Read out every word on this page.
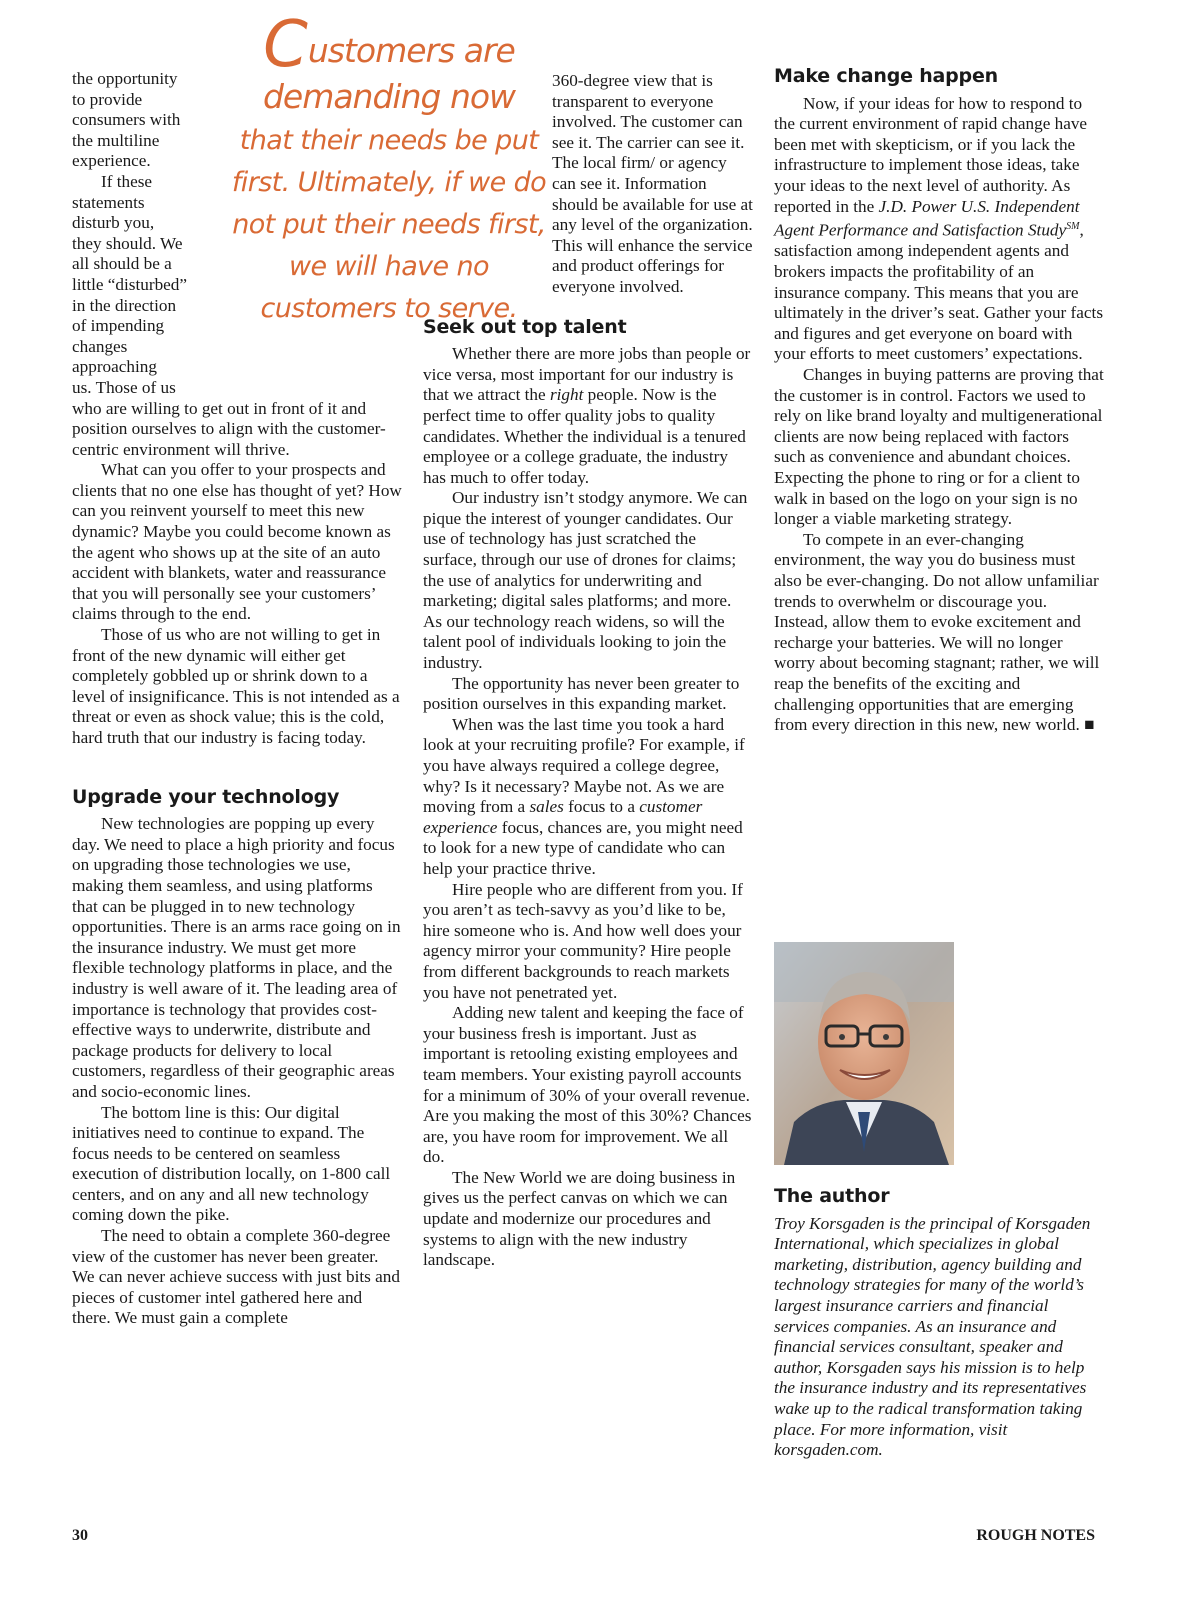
Customers are
demanding now
that their needs be put
first. Ultimately, if we do
not put their needs first,
we will have no
customers to serve.
the opportunity
to provide
consumers with
the multiline
experience.
If these
statements
disturb you,
they should. We
all should be a
little “disturbed”
in the direction
of impending
changes
approaching
us. Those of us

who are willing to get out in front of it and position ourselves to align with the customer-centric environment will thrive.

What can you offer to your prospects and clients that no one else has thought of yet? How can you reinvent yourself to meet this new dynamic? Maybe you could become known as the agent who shows up at the site of an auto accident with blankets, water and reassurance that you will personally see your customers’ claims through to the end.

Those of us who are not willing to get in front of the new dynamic will either get completely gobbled up or shrink down to a level of insignificance. This is not intended as a threat or even as shock value; this is the cold, hard truth that our industry is facing today.

Upgrade your technology

New technologies are popping up every day. We need to place a high priority and focus on upgrading those technologies we use, making them seamless, and using platforms that can be plugged in to new technology opportunities. There is an arms race going on in the insurance industry. We must get more flexible technology platforms in place, and the industry is well aware of it. The leading area of importance is technology that provides cost-effective ways to underwrite, distribute and package products for delivery to local customers, regardless of their geographic areas and socio-economic lines.

The bottom line is this: Our digital initiatives need to continue to expand. The focus needs to be centered on seamless execution of distribution locally, on 1-800 call centers, and on any and all new technology coming down the pike.

The need to obtain a complete 360-degree view of the customer has never been greater. We can never achieve success with just bits and pieces of customer intel gathered here and there. We must gain a complete

360-degree view that is transparent to everyone involved. The customer can see it. The carrier can see it. The local firm/ or agency can see it. Information should be available for use at any level of the organization. This will enhance the service and product offerings for everyone involved.

Seek out top talent

Whether there are more jobs than people or vice versa, most important for our industry is that we attract the right people. Now is the perfect time to offer quality jobs to quality candidates. Whether the individual is a tenured employee or a college graduate, the industry has much to offer today.

Our industry isn’t stodgy anymore. We can pique the interest of younger candidates. Our use of technology has just scratched the surface, through our use of drones for claims; the use of analytics for underwriting and marketing; digital sales platforms; and more. As our technology reach widens, so will the talent pool of individuals looking to join the industry.

The opportunity has never been greater to position ourselves in this expanding market.

When was the last time you took a hard look at your recruiting profile? For example, if you have always required a college degree, why? Is it necessary? Maybe not. As we are moving from a sales focus to a customer experience focus, chances are, you might need to look for a new type of candidate who can help your practice thrive.

Hire people who are different from you. If you aren’t as tech-savvy as you’d like to be, hire someone who is. And how well does your agency mirror your community? Hire people from different backgrounds to reach markets you have not penetrated yet.

Adding new talent and keeping the face of your business fresh is important. Just as important is retooling existing employees and team members. Your existing payroll accounts for a minimum of 30% of your overall revenue. Are you making the most of this 30%? Chances are, you have room for improvement. We all do.

The New World we are doing business in gives us the perfect canvas on which we can update and modernize our procedures and systems to align with the new industry landscape.

Make change happen

Now, if your ideas for how to respond to the current environment of rapid change have been met with skepticism, or if you lack the infrastructure to implement those ideas, take your ideas to the next level of authority. As reported in the J.D. Power U.S. Independent Agent Performance and Satisfaction Study℠, satisfaction among independent agents and brokers impacts the profitability of an insurance company. This means that you are ultimately in the driver’s seat. Gather your facts and figures and get everyone on board with your efforts to meet customers’ expectations.

Changes in buying patterns are proving that the customer is in control. Factors we used to rely on like brand loyalty and multigenerational clients are now being replaced with factors such as convenience and abundant choices. Expecting the phone to ring or for a client to walk in based on the logo on your sign is no longer a viable marketing strategy.

To compete in an ever-changing environment, the way you do business must also be ever-changing. Do not allow unfamiliar trends to overwhelm or discourage you. Instead, allow them to evoke excitement and recharge your batteries. We will no longer worry about becoming stagnant; rather, we will reap the benefits of the exciting and challenging opportunities that are emerging from every direction in this new, new world. ■

The author

Troy Korsgaden is the principal of Korsgaden International, which specializes in global marketing, distribution, agency building and technology strategies for many of the world’s largest insurance carriers and financial services companies. As an insurance and financial services consultant, speaker and author, Korsgaden says his mission is to help the insurance industry and its representatives wake up to the radical transformation taking place. For more information, visit korsgaden.com.

30	ROUGH NOTES
